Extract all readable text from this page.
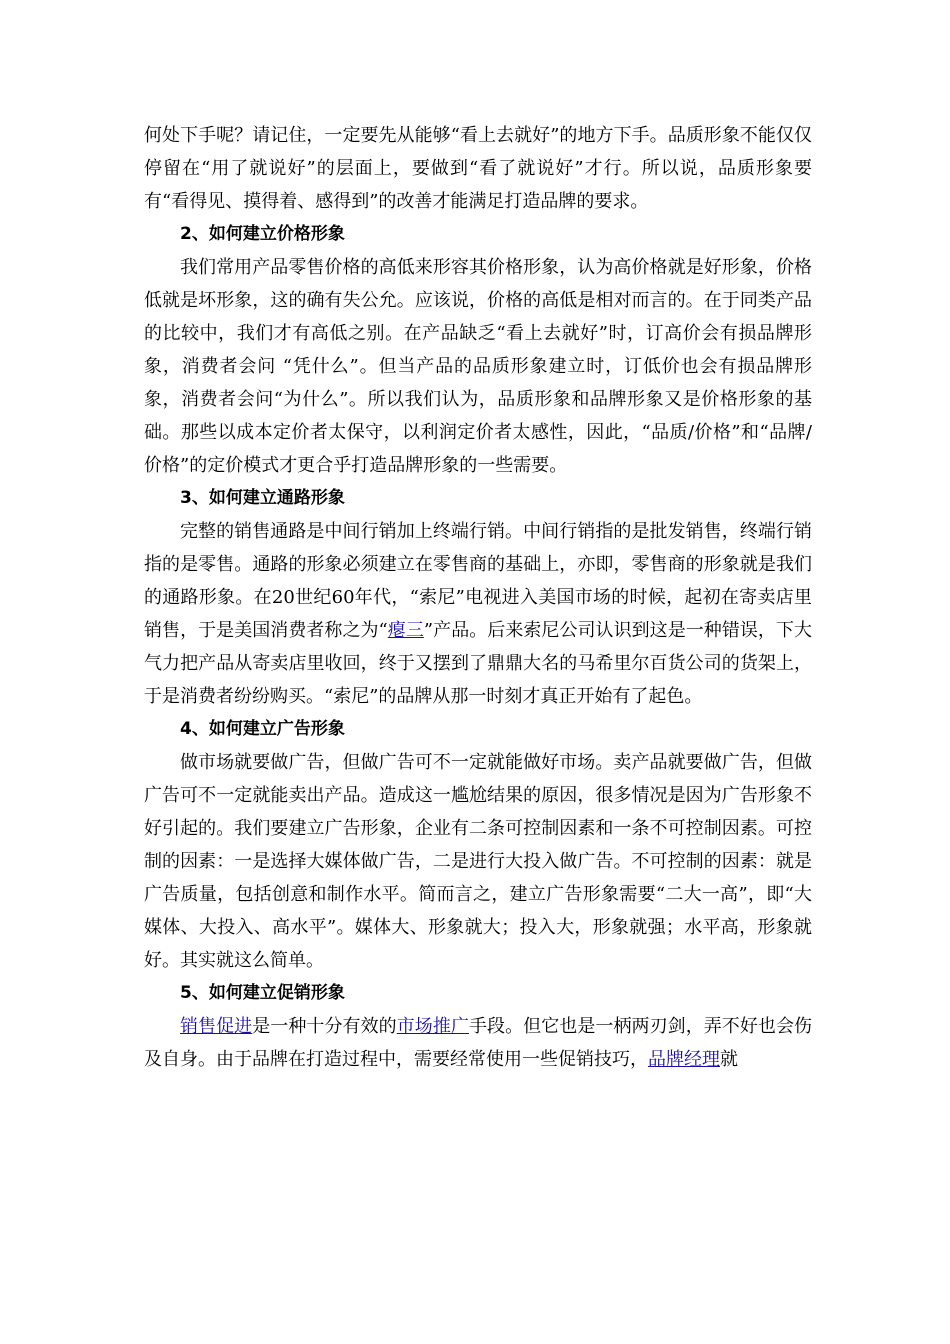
何处下手呢？请记住，一定要先从能够“看上去就好”的地方下手。品质形象不能仅仅停留在“用了就说好”的层面上，要做到“看了就说好”才行。所以说，品质形象要有“看得见、摸得着、感得到”的改善才能满足打造品牌的要求。

2、如何建立价格形象

我们常用产品零售价格的高低来形容其价格形象，认为高价格就是好形象，价格低就是坏形象，这的确有失公允。应该说，价格的高低是相对而言的。在于同类产品的比较中，我们才有高低之别。在产品缺乏“看上去就好”时，订高价会有损品牌形象，消费者会问 “凭什么”。但当产品的品质形象建立时，订低价也会有损品牌形象，消费者会问“为什么”。所以我们认为，品质形象和品牌形象又是价格形象的基础。那些以成本定价者太保守，以利润定价者太感性，因此，“品质/价格”和“品牌/价格”的定价模式才更合乎打造品牌形象的一些需要。

3、如何建立通路形象

完整的销售通路是中间行销加上终端行销。中间行销指的是批发销售，终端行销指的是零售。通路的形象必须建立在零售商的基础上，亦即，零售商的形象就是我们的通路形象。在20世纪60年代，“索尼”电视进入美国市场的时候，起初在寄卖店里销售，于是美国消费者称之为“瘪三”产品。后来索尼公司认识到这是一种错误，下大气力把产品从寄卖店里收回，终于又摆到了鼎鼎大名的马希里尔百货公司的货架上，于是消费者纷纷购买。“索尼”的品牌从那一时刻才真正开始有了起色。

4、如何建立广告形象

做市场就要做广告，但做广告可不一定就能做好市场。卖产品就要做广告，但做广告可不一定就能卖出产品。造成这一尴尬结果的原因，很多情况是因为广告形象不好引起的。我们要建立广告形象，企业有二条可控制因素和一条不可控制因素。可控制的因素：一是选择大媒体做广告，二是进行大投入做广告。不可控制的因素：就是广告质量，包括创意和制作水平。简而言之，建立广告形象需要“二大一高”，即“大媒体、大投入、高水平”。媒体大、形象就大；投入大，形象就强；水平高，形象就好。其实就这么简单。

5、如何建立促销形象

销售促进是一种十分有效的市场推广手段。但它也是一柄两刃剑，弄不好也会伤及自身。由于品牌在打造过程中，需要经常使用一些促销技巧，品牌经理就
